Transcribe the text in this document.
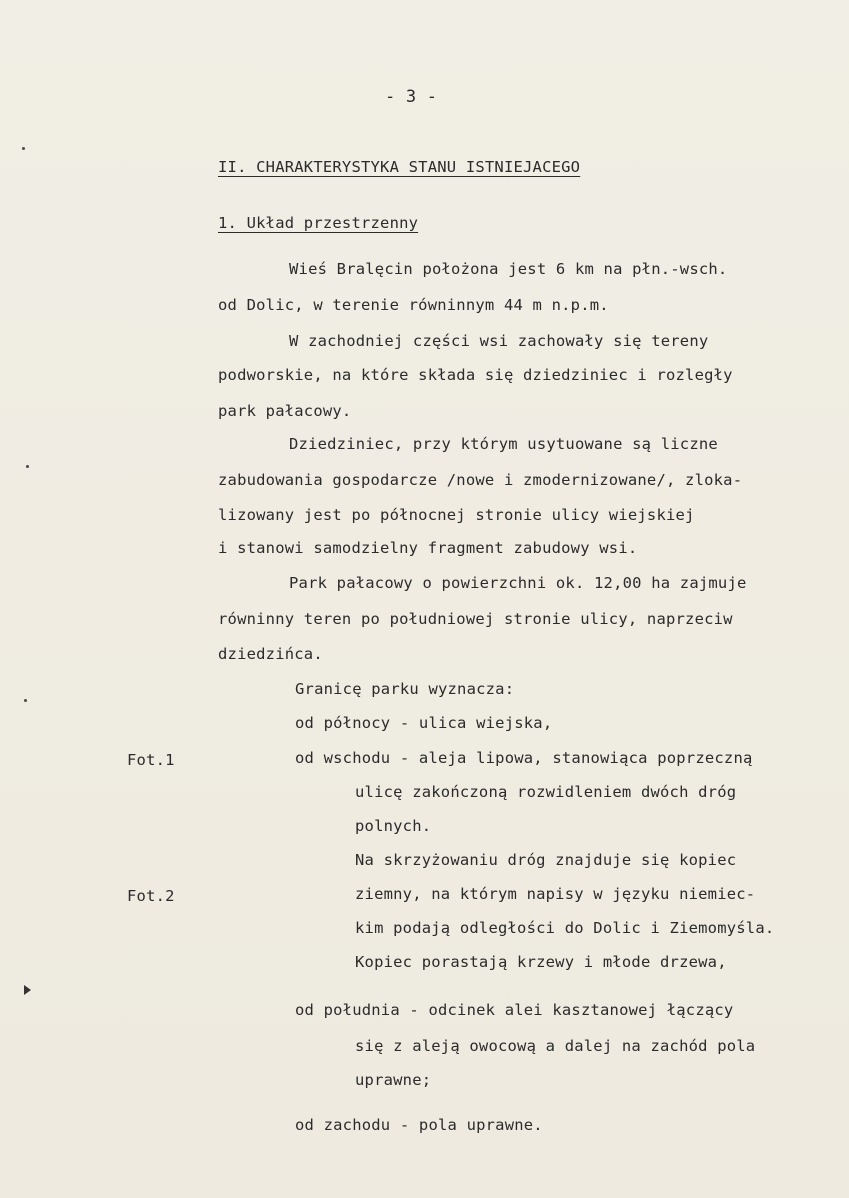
- 3 -
II. CHARAKTERYSTYKA STANU ISTNIEJACEGO
1. Układ przestrzenny
Wieś Bralęcin położona jest 6 km na płn.-wsch.
od Dolic, w terenie równinnym 44 m n.p.m.
W zachodniej części wsi zachowały się tereny
podworskie, na które składa się dziedziniec i rozległy
park pałacowy.
Dziedziniec, przy którym usytuowane są liczne
zabudowania gospodarcze /nowe i zmodernizowane/, zloka-
lizowany jest po północnej stronie ulicy wiejskiej
i stanowi samodzielny fragment zabudowy wsi.
Park pałacowy o powierzchni ok. 12,00 ha zajmuje
równinny teren po południowej stronie ulicy, naprzeciw
dziedzińca.
Granicę parku wyznacza:
od północy - ulica wiejska,
Fot.1	od wschodu - aleja lipowa, stanowiąca poprzeczną
ulicę zakończoną rozwidleniem dwóch dróg
polnych.
Na skrzyżowaniu dróg znajduje się kopiec
Fot.2	ziemny, na którym napisy w języku niemiec-
kim podają odległości do Dolic i Ziemomyśla.
Kopiec porastają krzewy i młode drzewa,
od południa - odcinek alei kasztanowej łączący
się z aleją owocową a dalej na zachód pola
uprawne;
od zachodu - pola uprawne.
